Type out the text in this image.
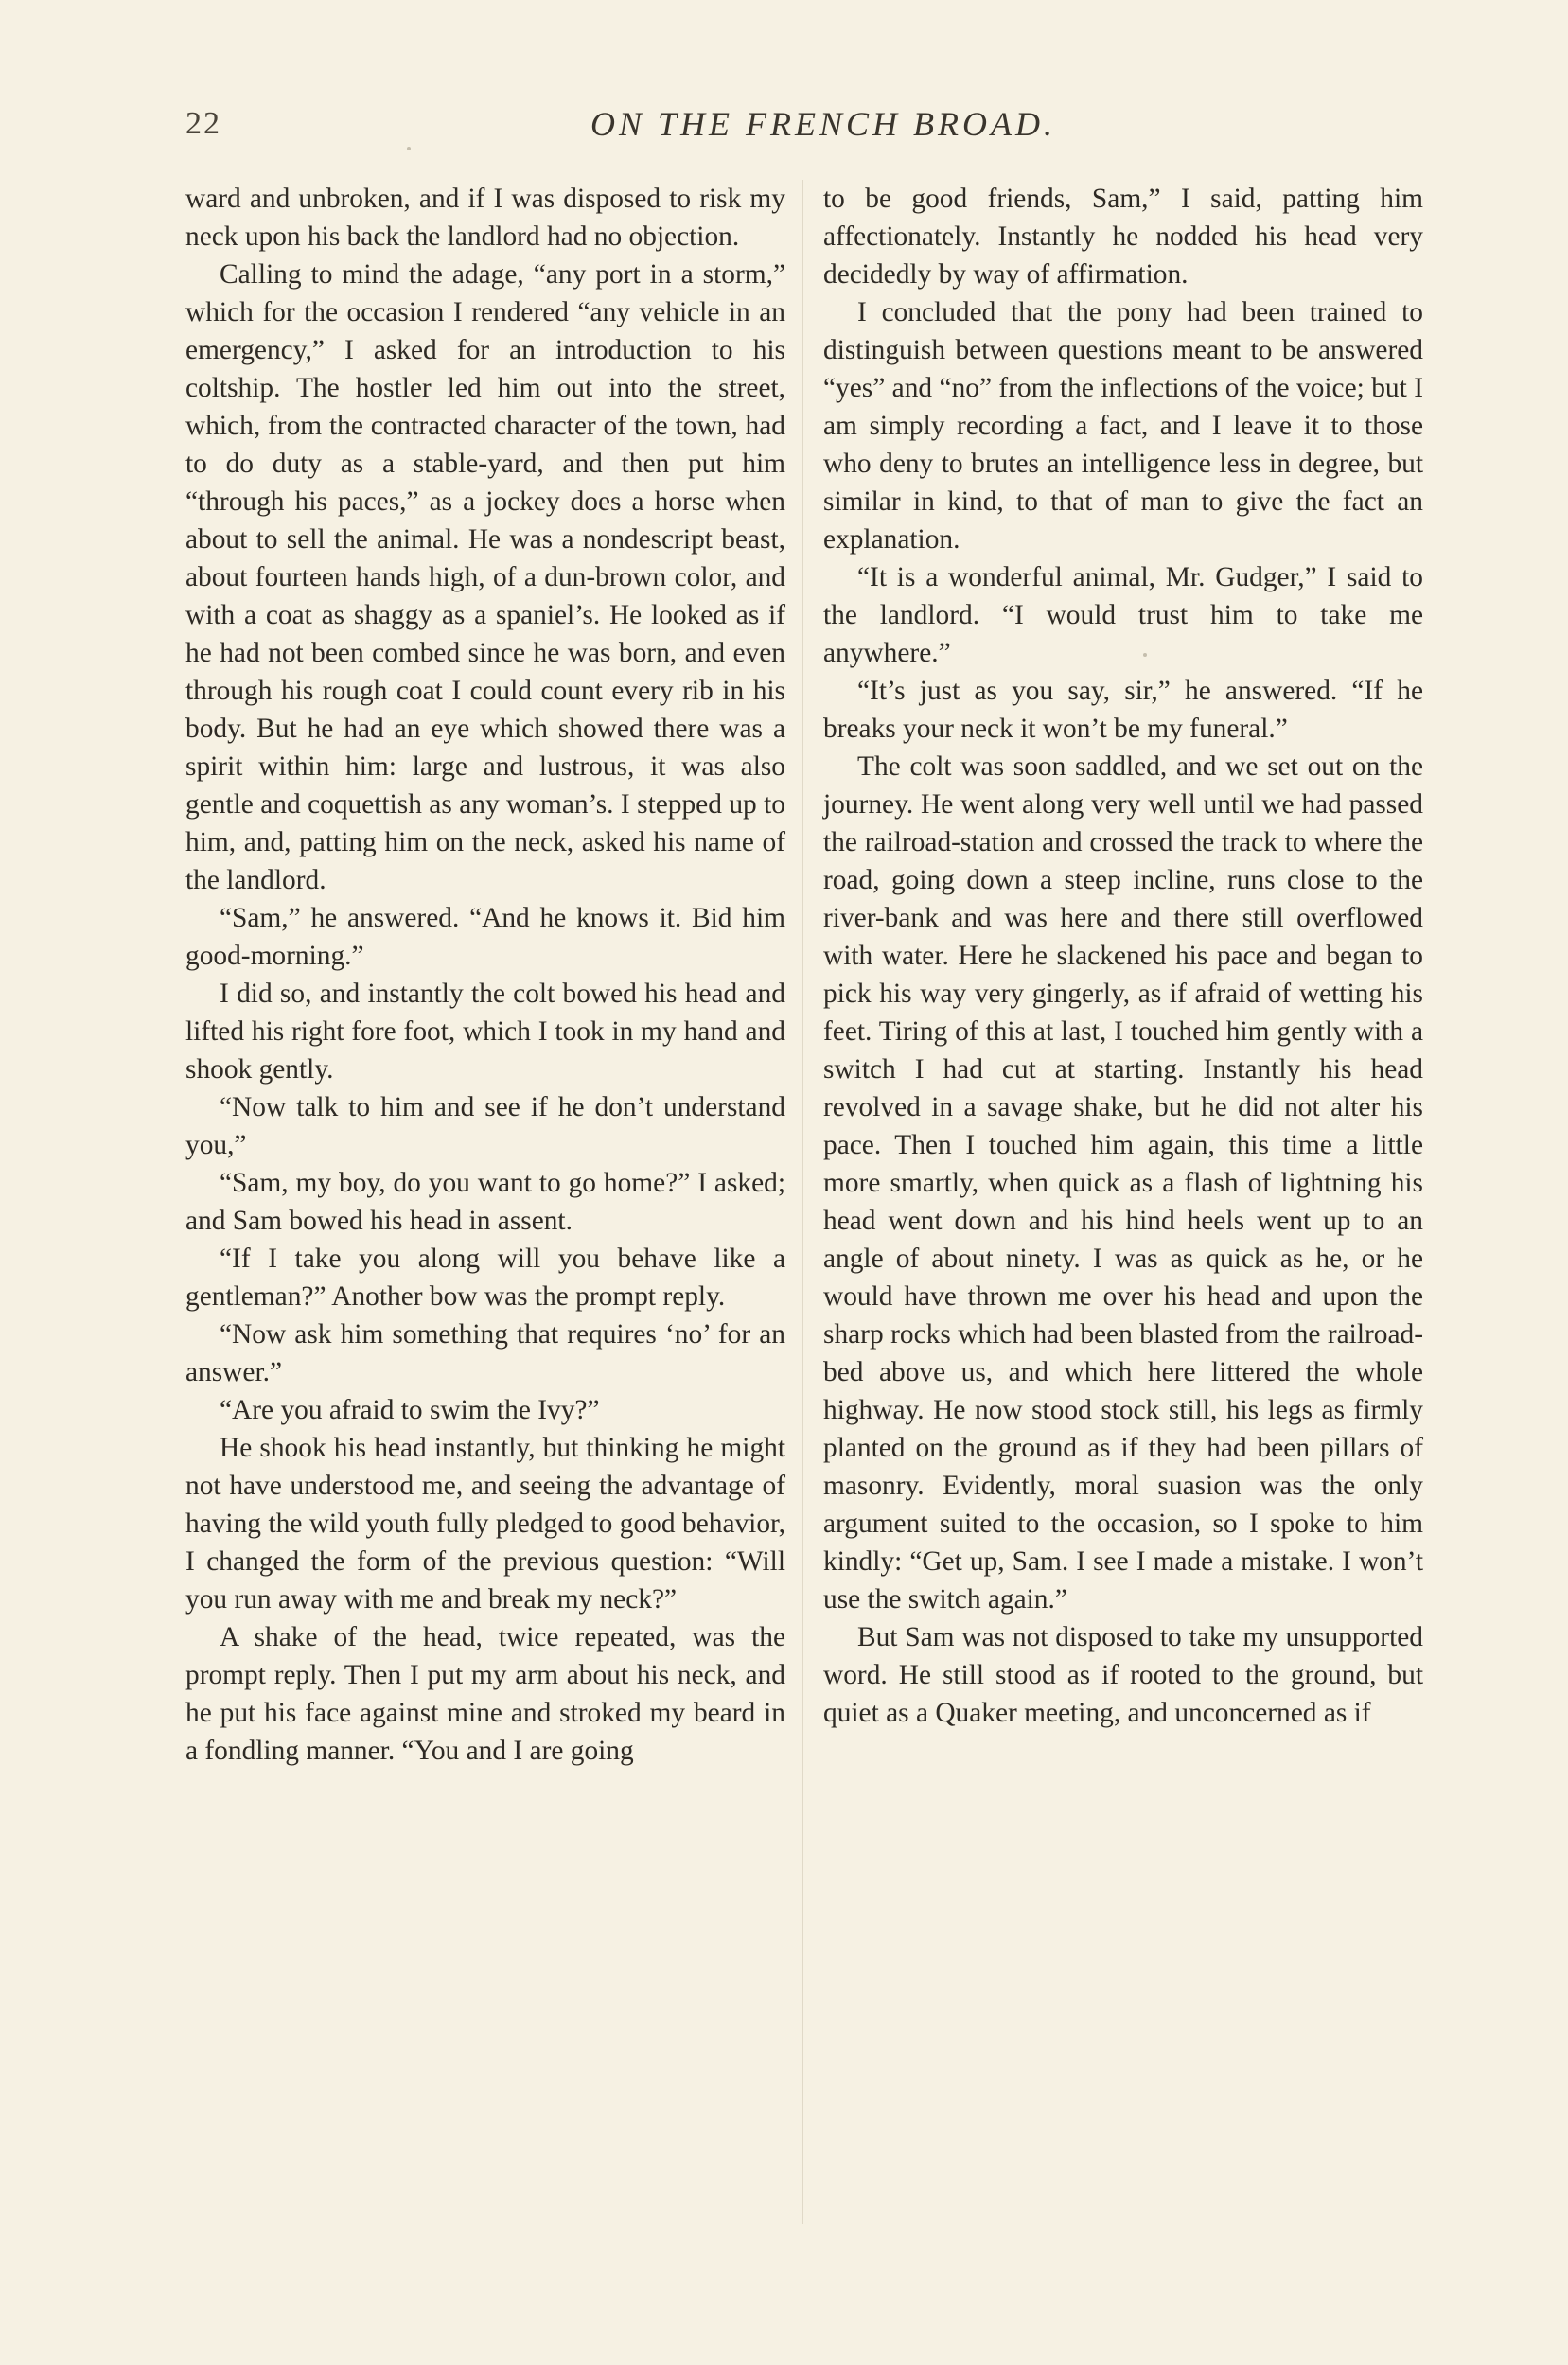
22	ON THE FRENCH BROAD.

ward and unbroken, and if I was disposed to risk my neck upon his back the landlord had no objection.

Calling to mind the adage, “any port in a storm,” which for the occasion I rendered “any vehicle in an emergency,” I asked for an introduction to his coltship. The hostler led him out into the street, which, from the contracted character of the town, had to do duty as a stable-yard, and then put him “through his paces,” as a jockey does a horse when about to sell the animal. He was a nondescript beast, about fourteen hands high, of a dun-brown color, and with a coat as shaggy as a spaniel’s. He looked as if he had not been combed since he was born, and even through his rough coat I could count every rib in his body. But he had an eye which showed there was a spirit within him: large and lustrous, it was also gentle and coquettish as any woman’s. I stepped up to him, and, patting him on the neck, asked his name of the landlord.

“Sam,” he answered. “And he knows it. Bid him good-morning.”

I did so, and instantly the colt bowed his head and lifted his right fore foot, which I took in my hand and shook gently.

“Now talk to him and see if he don’t understand you,”

“Sam, my boy, do you want to go home?” I asked; and Sam bowed his head in assent.

“If I take you along will you behave like a gentleman?” Another bow was the prompt reply.

“Now ask him something that requires ‘no’ for an answer.”

“Are you afraid to swim the Ivy?”

He shook his head instantly, but thinking he might not have understood me, and seeing the advantage of having the wild youth fully pledged to good behavior, I changed the form of the previous question: “Will you run away with me and break my neck?”

A shake of the head, twice repeated, was the prompt reply. Then I put my arm about his neck, and he put his face against mine and stroked my beard in a fondling manner. “You and I are going

to be good friends, Sam,” I said, patting him affectionately. Instantly he nodded his head very decidedly by way of affirmation.

I concluded that the pony had been trained to distinguish between questions meant to be answered “yes” and “no” from the inflections of the voice; but I am simply recording a fact, and I leave it to those who deny to brutes an intelligence less in degree, but similar in kind, to that of man to give the fact an explanation.

“It is a wonderful animal, Mr. Gudger,” I said to the landlord. “I would trust him to take me anywhere.”

“It’s just as you say, sir,” he answered. “If he breaks your neck it won’t be my funeral.”

The colt was soon saddled, and we set out on the journey. He went along very well until we had passed the railroad-station and crossed the track to where the road, going down a steep incline, runs close to the river-bank and was here and there still overflowed with water. Here he slackened his pace and began to pick his way very gingerly, as if afraid of wetting his feet. Tiring of this at last, I touched him gently with a switch I had cut at starting. Instantly his head revolved in a savage shake, but he did not alter his pace. Then I touched him again, this time a little more smartly, when quick as a flash of lightning his head went down and his hind heels went up to an angle of about ninety. I was as quick as he, or he would have thrown me over his head and upon the sharp rocks which had been blasted from the railroad-bed above us, and which here littered the whole highway. He now stood stock still, his legs as firmly planted on the ground as if they had been pillars of masonry. Evidently, moral suasion was the only argument suited to the occasion, so I spoke to him kindly: “Get up, Sam. I see I made a mistake. I won’t use the switch again.”

But Sam was not disposed to take my unsupported word. He still stood as if rooted to the ground, but quiet as a Quaker meeting, and unconcerned as if
